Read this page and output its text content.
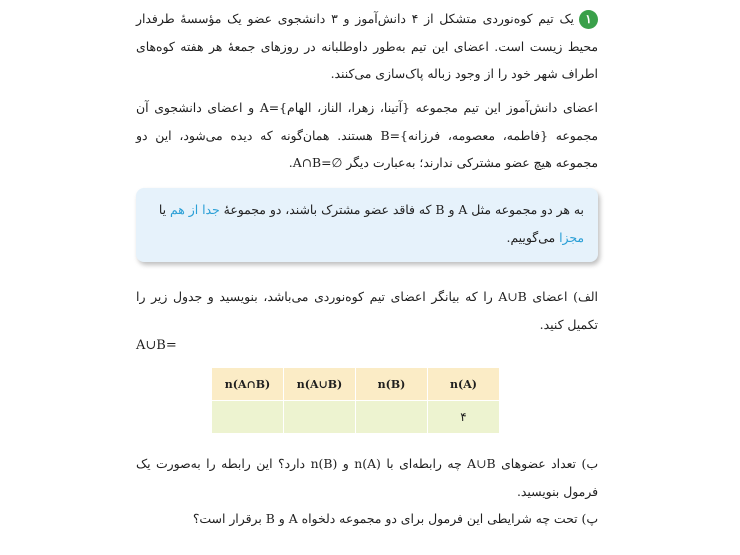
١یک تیم کوه‌نوردی متشکل از ۴ دانش‌آموز و ۳ دانشجوی عضو یک مؤسسهٔ طرفدار محیط زیست است. اعضای این تیم به‌طور داوطلبانه در روزهای جمعهٔ هر هفته کوه‌های اطراف شهر خود را از وجود زباله پاک‌سازی می‌کنند.

اعضای دانش‌آموز این تیم مجموعه {آتینا، زهرا، الناز، الهام}=A و اعضای دانشجوی آن مجموعه {فاطمه، معصومه، فرزانه}=B هستند. همان‌گونه که دیده می‌شود، این دو مجموعه هیچ عضو مشترکی ندارند؛ به‌عبارت دیگر ∅=A∩B.

به هر دو مجموعه مثل A و B که فاقد عضو مشترک باشند، دو مجموعهٔ جدا از هم یا مجزا می‌گوییم.

الف) اعضای A∪B را که بیانگر اعضای تیم کوه‌نوردی می‌باشد، بنویسید و جدول زیر را تکمیل کنید.

A∪B=
n(A)	n(B)	n(A∪B)	n(A∩B)
۴			

ب) تعداد عضوهای A∪B چه رابطه‌ای با n(A) و n(B) دارد؟ این رابطه را به‌صورت یک فرمول بنویسید.

پ) تحت چه شرایطی این فرمول برای دو مجموعه دلخواه A و B برقرار است؟
